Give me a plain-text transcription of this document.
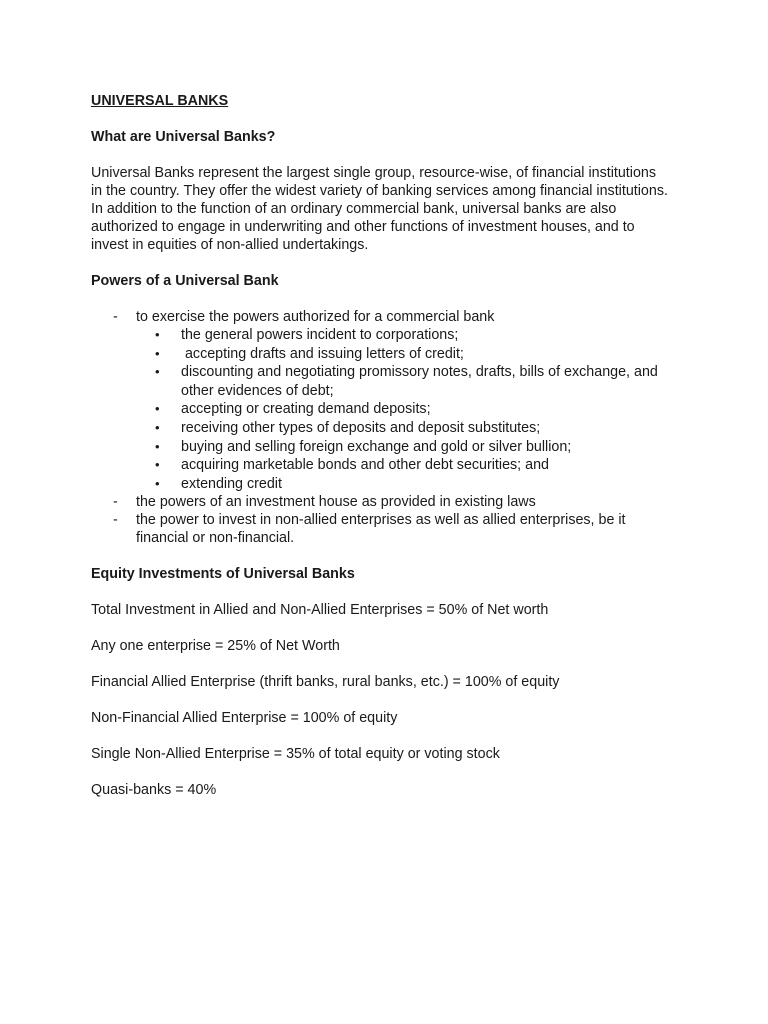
UNIVERSAL BANKS

What are Universal Banks?

Universal Banks represent the largest single group, resource-wise, of financial institutions in the country. They offer the widest variety of banking services among financial institutions. In addition to the function of an ordinary commercial bank, universal banks are also authorized to engage in underwriting and other functions of investment houses, and to invest in equities of non-allied undertakings.

Powers of a Universal Bank

- to exercise the powers authorized for a commercial bank
• the general powers incident to corporations;
• accepting drafts and issuing letters of credit;
• discounting and negotiating promissory notes, drafts, bills of exchange, and other evidences of debt;
• accepting or creating demand deposits;
• receiving other types of deposits and deposit substitutes;
• buying and selling foreign exchange and gold or silver bullion;
• acquiring marketable bonds and other debt securities; and
• extending credit
- the powers of an investment house as provided in existing laws
- the power to invest in non-allied enterprises as well as allied enterprises, be it financial or non-financial.

Equity Investments of Universal Banks

Total Investment in Allied and Non-Allied Enterprises = 50% of Net worth

Any one enterprise = 25% of Net Worth

Financial Allied Enterprise (thrift banks, rural banks, etc.) = 100% of equity

Non-Financial Allied Enterprise = 100% of equity

Single Non-Allied Enterprise = 35% of total equity or voting stock

Quasi-banks = 40%
